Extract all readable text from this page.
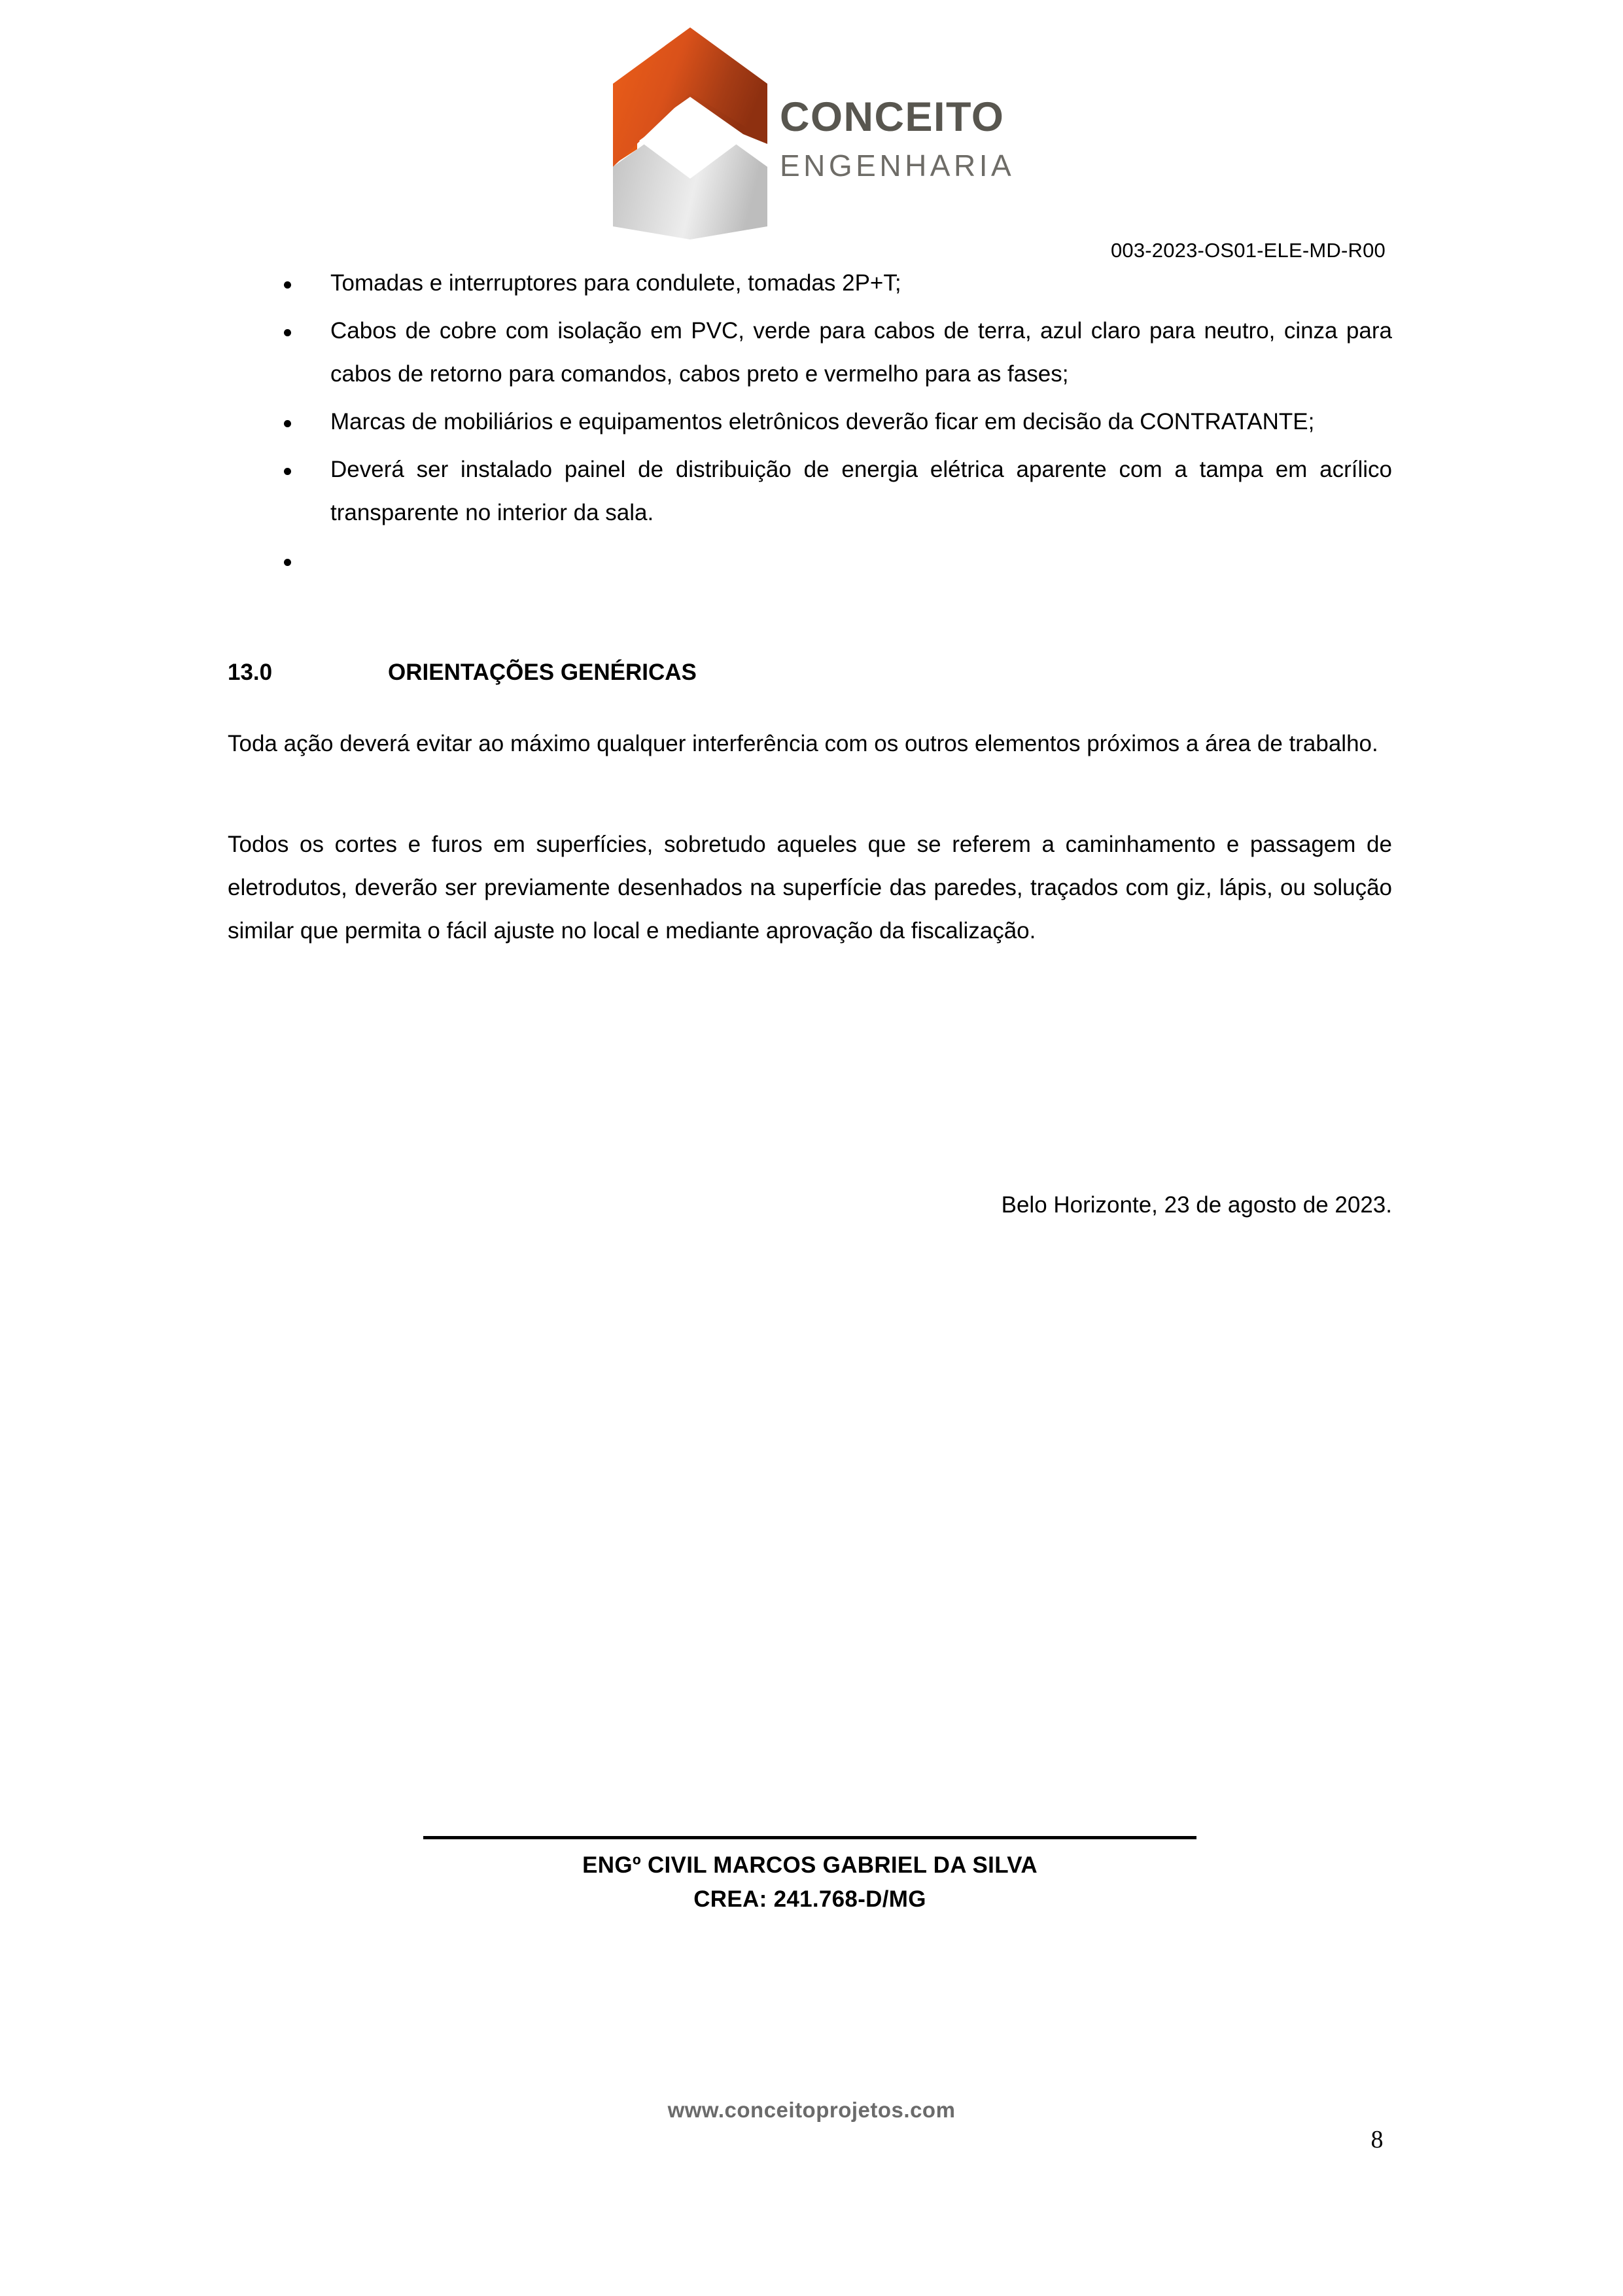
CONCEITO
ENGENHARIA
003-2023-OS01-ELE-MD-R00
Tomadas e interruptores para condulete, tomadas 2P+T;
Cabos de cobre com isolação em PVC, verde para cabos de terra, azul claro para neutro, cinza para cabos de retorno para comandos, cabos preto e vermelho para as fases;
Marcas de mobiliários e equipamentos eletrônicos deverão ficar em decisão da CONTRATANTE;
Deverá ser instalado painel de distribuição de energia elétrica aparente com a tampa em acrílico transparente no interior da sala.
13.0	ORIENTAÇÕES GENÉRICAS
Toda ação deverá evitar ao máximo qualquer interferência com os outros elementos próximos a área de trabalho.
Todos os cortes e furos em superfícies, sobretudo aqueles que se referem a caminhamento e passagem de eletrodutos, deverão ser previamente desenhados na superfície das paredes, traçados com giz, lápis, ou solução similar que permita o fácil ajuste no local e mediante aprovação da fiscalização.
Belo Horizonte, 23 de agosto de 2023.
ENGº CIVIL MARCOS GABRIEL DA SILVA
CREA: 241.768-D/MG
www.conceitoprojetos.com
8
